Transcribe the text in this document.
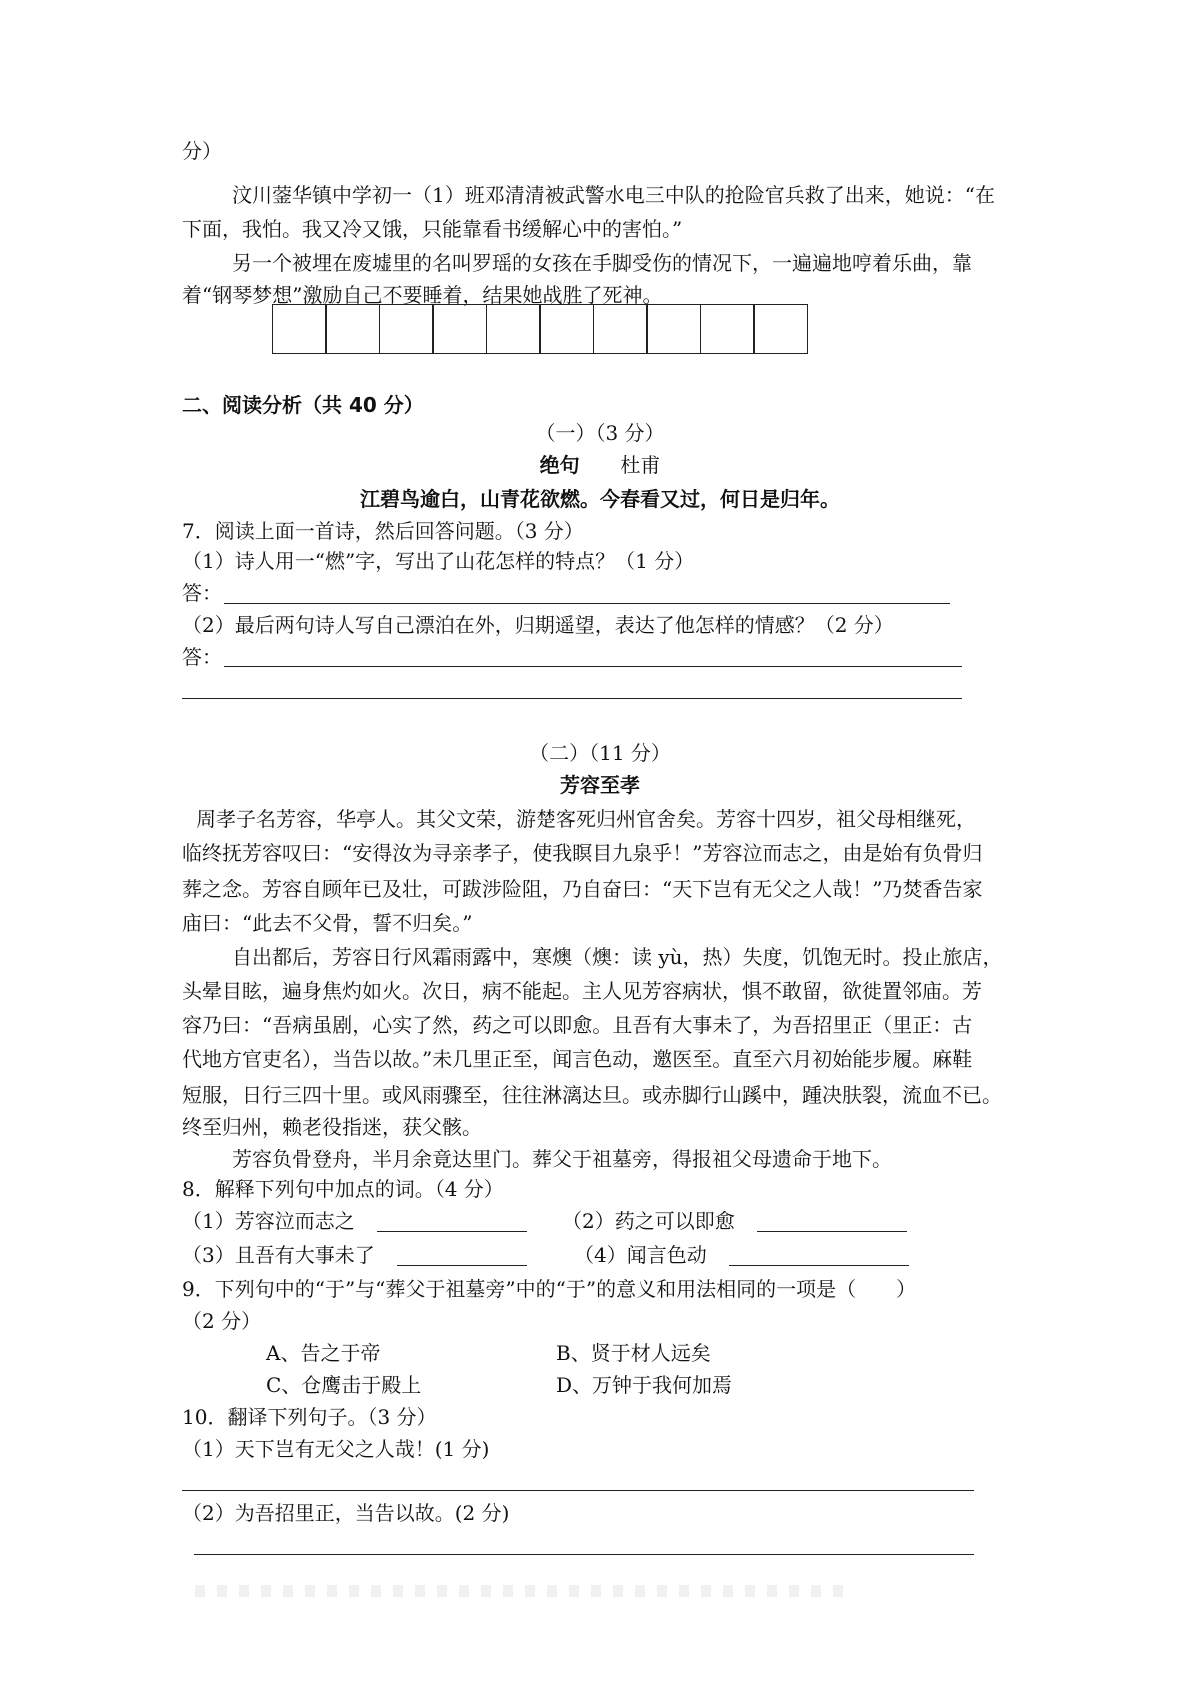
分）
汶川蓥华镇中学初一（1）班邓清清被武警水电三中队的抢险官兵救了出来，她说：“在
下面，我怕。我又冷又饿，只能靠看书缓解心中的害怕。”
另一个被埋在废墟里的名叫罗瑶的女孩在手脚受伤的情况下，一遍遍地哼着乐曲，靠
着“钢琴梦想”激励自己不要睡着，结果她战胜了死神。
二、阅读分析（共 40 分）
（一）（3 分）
绝句 杜甫
江碧鸟逾白，山青花欲燃。今春看又过，何日是归年。
7．阅读上面一首诗，然后回答问题。（3 分）
（1）诗人用一“燃”字，写出了山花怎样的特点？（1 分）
答：
（2）最后两句诗人写自己漂泊在外，归期遥望，表达了他怎样的情感？（2 分）
答：
（二）（11 分）
芳容至孝
周孝子名芳容，华亭人。其父文荣，游楚客死归州官舍矣。芳容十四岁，祖父母相继死，
临终抚芳容叹曰：“安得汝为寻亲孝子，使我瞑目九泉乎！”芳容泣而志之，由是始有负骨归
葬之念。芳容自顾年已及壮，可跋涉险阻，乃自奋曰：“天下岂有无父之人哉！”乃焚香告家
庙曰：“此去不父骨，誓不归矣。”
自出都后，芳容日行风霜雨露中，寒燠（燠：读 yù，热）失度，饥饱无时。投止旅店，
头晕目眩，遍身焦灼如火。次日，病不能起。主人见芳容病状，惧不敢留，欲徙置邻庙。芳
容乃曰：“吾病虽剧，心实了然，药之可以即愈。且吾有大事未了，为吾招里正（里正：古
代地方官吏名），当告以故。”未几里正至，闻言色动，邀医至。直至六月初始能步履。麻鞋
短服，日行三四十里。或风雨骤至，往往淋漓达旦。或赤脚行山蹊中，踵决肤裂，流血不已。
终至归州，赖老役指迷，获父骸。
芳容负骨登舟，半月余竟达里门。葬父于祖墓旁，得报祖父母遗命于地下。
8．解释下列句中加点的词。（4 分）
（1）芳容泣而志之	（2）药之可以即愈
（3）且吾有大事未了	（4）闻言色动
9．下列句中的“于”与“葬父于祖墓旁”中的“于”的意义和用法相同的一项是（　　）
（2 分）
A、告之于帝	B、贤于材人远矣
C、仓鹰击于殿上	D、万钟于我何加焉
10．翻译下列句子。（3 分）
（1）天下岂有无父之人哉！(1 分)
（2）为吾招里正，当告以故。(2 分)
